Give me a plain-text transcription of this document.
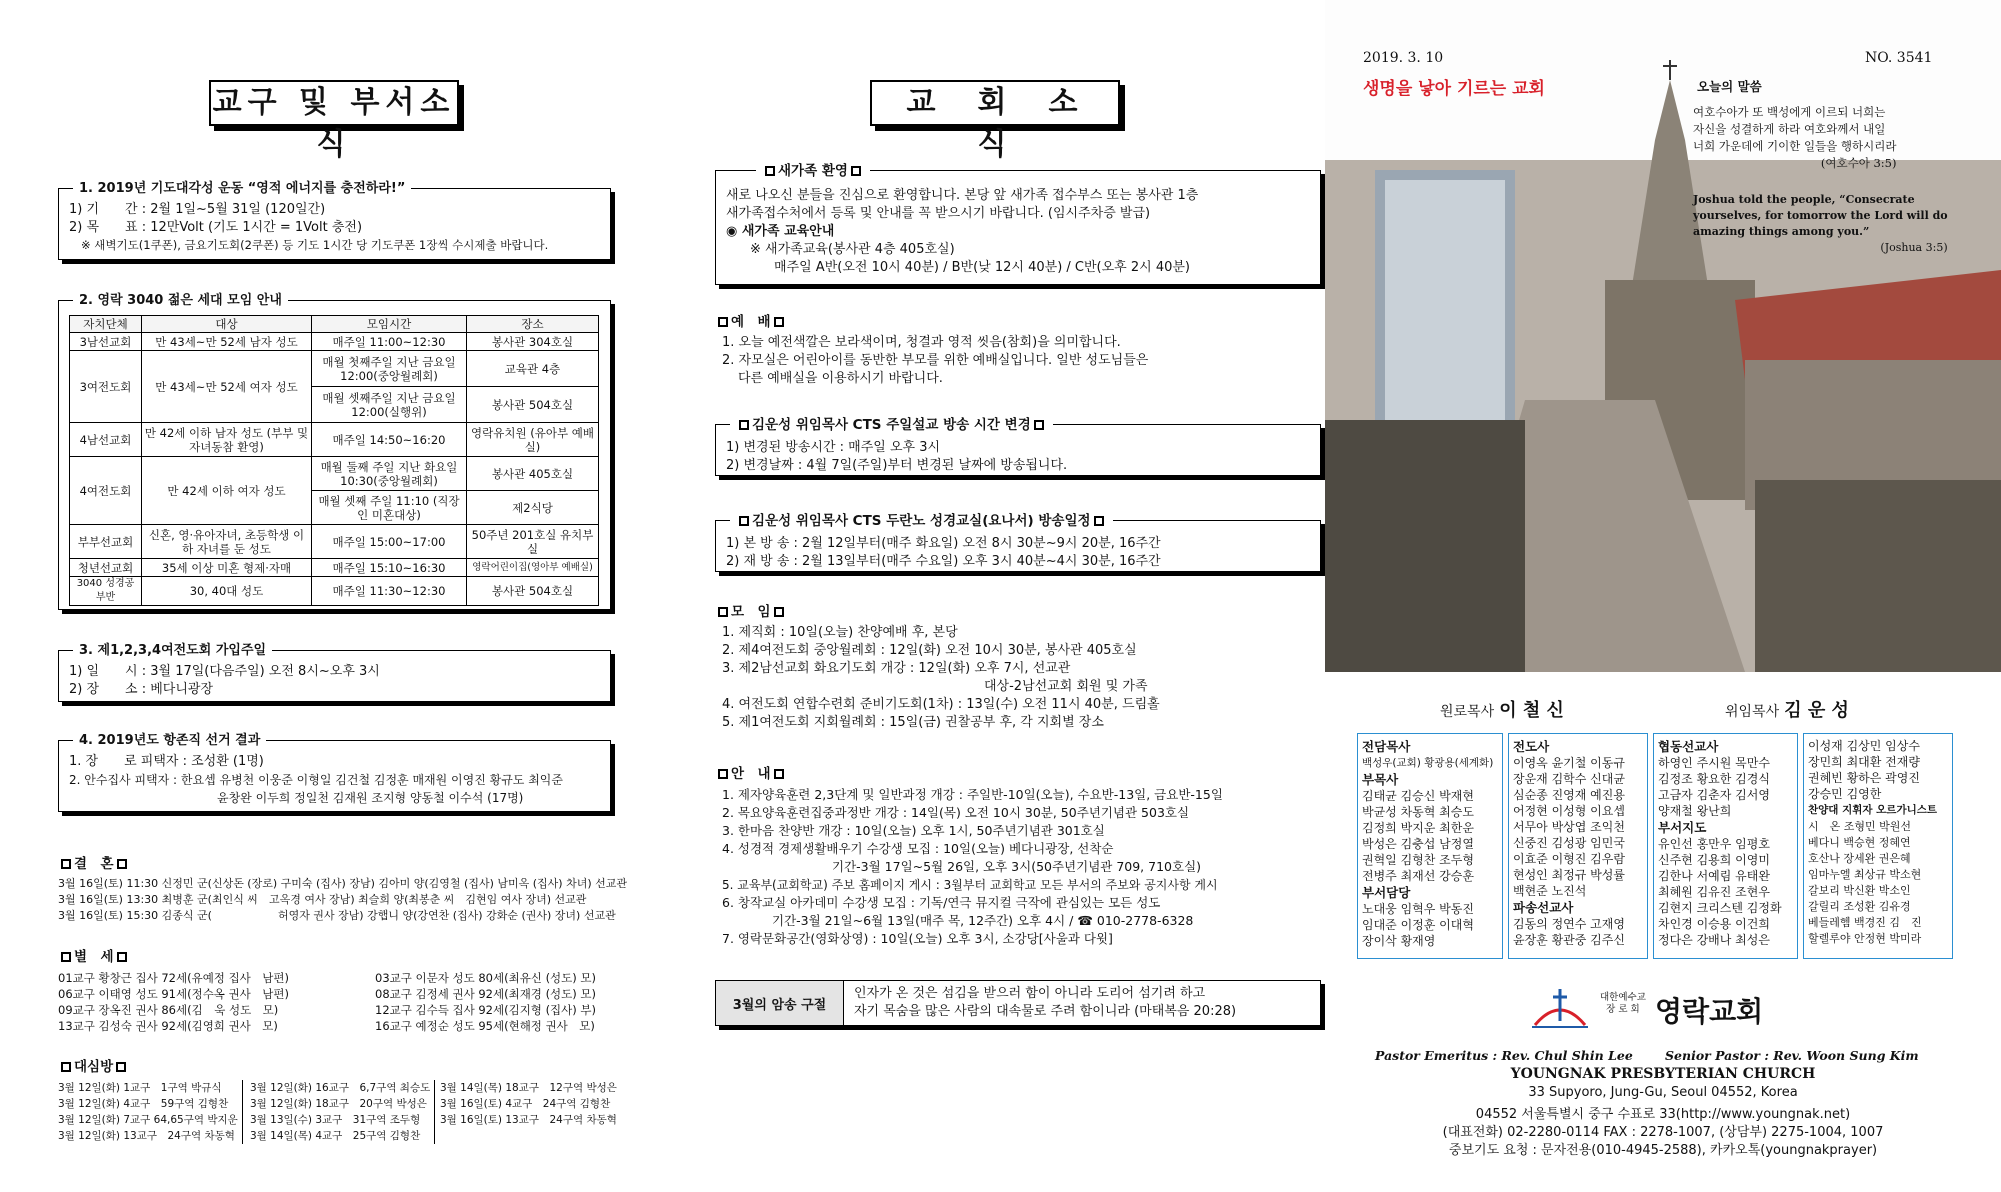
교구 및 부서소식
1. 2019년 기도대각성 운동 “영적 에너지를 충전하라!”
1) 기　　간 : 2월 1일~5월 31일 (120일간)
2) 목　　표 : 12만Volt (기도 1시간 = 1Volt 충전)
※ 새벽기도(1쿠폰), 금요기도회(2쿠폰) 등 기도 1시간 당 기도쿠폰 1장씩 수시제출 바랍니다.
2. 영락 3040 젊은 세대 모임 안내
자치단체	대상	모임시간	장소
3남선교회	만 43세~만 52세 남자 성도	매주일 11:00~12:30	봉사관 304호실
3여전도회	만 43세~만 52세 여자 성도	매월 첫째주일 지난 금요일 12:00(중앙월례회)	교육관 4층
		매월 셋째주일 지난 금요일 12:00(실행위)	봉사관 504호실
4남선교회	만 42세 이하 남자 성도 (부부 및 자녀동참 환영)	매주일 14:50~16:20	영락유치원 (유아부 예배실)
4여전도회	만 42세 이하 여자 성도	매월 둘째 주일 지난 화요일 10:30(중앙월례회)	봉사관 405호실
		매월 셋째 주일 11:10 (직장인 미혼대상)	제2식당
부부선교회	신혼, 영·유아자녀, 초등학생 이하 자녀를 둔 성도	매주일 15:00~17:00	50주년 201호실 유치부실
청년선교회	35세 이상 미혼 형제·자매	매주일 15:10~16:30	영락어린이집(영아부 예배실)
3040 성경공부반	30, 40대 성도	매주일 11:30~12:30	봉사관 504호실
3. 제1,2,3,4여전도회 가입주일
1) 일　　시 : 3월 17일(다음주일) 오전 8시~오후 3시
2) 장　　소 : 베다니광장
4. 2019년도 항존직 선거 결과
1. 장　　로 피택자 : 조성환 (1명)
2. 안수집사 피택자 : 한요셉 유병천 이웅준 이형일 김건철 김정훈 매재원 이영진 황규도 최익준
윤창완 이두희 정일천 김재원 조지형 양동철 이수석 (17명)
결　혼
3월 16일(토) 11:30 신정민 군(신상돈 (장로) 구미숙 (집사) 장남) 김아미 양(김영철 (집사) 남미옥 (집사) 차녀) 선교관
3월 16일(토) 13:30 최병훈 군(최인식 씨　고옥경 여사 장남) 최슬희 양(최봉춘 씨　김현임 여사 장녀) 선교관
3월 16일(토) 15:30 김종식 군(　　　　　　허영자 권사 장남) 강햅니 양(강연찬 (집사) 강화순 (권사) 장녀) 선교관
별　세
01교구 황창근 집사 72세(유예정 집사　남편)
06교구 이태영 성도 91세(정수옥 권사　남편)
09교구 장옥진 권사 86세(김　욱 성도　모)
13교구 김성숙 권사 92세(김영희 권사　모)
03교구 이문자 성도 80세(최유신 (성도) 모)
08교구 김정세 권사 92세(최재경 (성도) 모)
12교구 김수득 집사 92세(김지형 (집사) 부)
16교구 예정순 성도 95세(현해정 권사　모)
대심방
3월 12일(화) 1교구　1구역 박규식
3월 12일(화) 4교구　59구역 김형찬
3월 12일(화) 7교구 64,65구역 박지운
3월 12일(화) 13교구　24구역 차동혁
3월 12일(화) 16교구　6,7구역 최승도
3월 12일(화) 18교구　20구역 박성은
3월 13일(수) 3교구　31구역 조두형
3월 14일(목) 4교구　25구역 김형찬
3월 14일(목) 18교구　12구역 박성은
3월 16일(토) 4교구　24구역 김형찬
3월 16일(토) 13교구　24구역 차동혁
교　회　소　식
새가족 환영
새로 나오신 분들을 진심으로 환영합니다. 본당 앞 새가족 접수부스 또는 봉사관 1층
새가족접수처에서 등록 및 안내를 꼭 받으시기 바랍니다. (임시주차증 발급)
◉ 새가족 교육안내
※ 새가족교육(봉사관 4층 405호실)
매주일 A반(오전 10시 40분) / B반(낮 12시 40분) / C반(오후 2시 40분)
예　배
1. 오늘 예전색깔은 보라색이며, 청결과 영적 씻음(참회)을 의미합니다.
2. 자모실은 어린아이를 동반한 부모를 위한 예배실입니다. 일반 성도님들은
다른 예배실을 이용하시기 바랍니다.
김운성 위임목사 CTS 주일설교 방송 시간 변경
1) 변경된 방송시간 : 매주일 오후 3시
2) 변경날짜 : 4월 7일(주일)부터 변경된 날짜에 방송됩니다.
김운성 위임목사 CTS 두란노 성경교실(요나서) 방송일정
1) 본 방 송 : 2월 12일부터(매주 화요일) 오전 8시 30분~9시 20분, 16주간
2) 재 방 송 : 2월 13일부터(매주 수요일) 오후 3시 40분~4시 30분, 16주간
모　임
1. 제직회 : 10일(오늘) 찬양예배 후, 본당
2. 제4여전도회 중앙월례회 : 12일(화) 오전 10시 30분, 봉사관 405호실
3. 제2남선교회 화요기도회 개강 : 12일(화) 오후 7시, 선교관
대상-2남선교회 회원 및 가족
4. 여전도회 연합수련회 준비기도회(1차) : 13일(수) 오전 11시 40분, 드림홀
5. 제1여전도회 지회월례회 : 15일(금) 권찰공부 후, 각 지회별 장소
안　내
1. 제자양육훈련 2,3단계 및 일반과정 개강 : 주일반-10일(오늘), 수요반-13일, 금요반-15일
2. 목요양육훈련집중과정반 개강 : 14일(목) 오전 10시 30분, 50주년기념관 503호실
3. 한마음 찬양반 개강 : 10일(오늘) 오후 1시, 50주년기념관 301호실
4. 성경적 경제생활배우기 수강생 모집 : 10일(오늘) 베다니광장, 선착순
기간-3월 17일~5월 26일, 오후 3시(50주년기념관 709, 710호실)
5. 교육부(교회학교) 주보 홈페이지 게시 : 3월부터 교회학교 모든 부서의 주보와 공지사항 게시
6. 창작교실 아카데미 수강생 모집 : 기독/연극 뮤지컬 극작에 관심있는 모든 성도
기간-3월 21일~6월 13일(매주 목, 12주간) 오후 4시 / ☎ 010-2778-6328
7. 영락문화공간(영화상영) : 10일(오늘) 오후 3시, 소강당[사울과 다윗]
3월의 암송 구절
인자가 온 것은 섬김을 받으러 함이 아니라 도리어 섬기려 하고
자기 목숨을 많은 사람의 대속물로 주려 함이니라 (마태복음 20:28)
2019. 3. 10	NO. 3541
생명을 낳아 기르는 교회	오늘의 말씀
여호수아가 또 백성에게 이르되 너희는
자신을 성결하게 하라 여호와께서 내일
너희 가운데에 기이한 일들을 행하시리라
(여호수아 3:5)
Joshua told the people, “Consecrate
yourselves, for tomorrow the Lord will do
amazing things among you.”
(Joshua 3:5)
원로목사 이 철 신	위임목사 김 운 성
전담목사
백성우(교회) 황광용(세계화)
부목사
김태균 김승신 박재현
박균성 차동혁 최승도
김정희 박지운 최한운
박성은 김충섭 남정열
권혁일 김형찬 조두형
전병주 최재선 강승훈
부서담당
노대웅 임혁우 박동진
임대준 이정훈 이대혁
장이삭 황재영
전도사
이영옥 윤기철 이동규
장운재 김학수 신대균
심순종 진영재 예진용
어정현 이성형 이요셉
서무아 박상엽 조익천
신중진 김성광 임민국
이효준 이형진 김우람
현성인 최정규 박성률
백현준 노진석
파송선교사
김동의 정연수 고재영
윤장훈 황관중 김주신
협동선교사
하영인 주시원 목만수
김정조 황요한 김경식
고금자 김춘자 김서영
양재철 왕난희
부서지도
유인선 홍만우 임평호
신주현 김용희 이영미
김한나 서예림 유태완
최혜원 김유진 조현우
김현지 크리스텐 김정화
차인경 이승용 이건희
정다은 강배나 최성은
이성재 김상민 임상수
장민희 최대환 전재량
권혜빈 황하은 곽영진
강승민 김영한
찬양대 지휘자 오르가니스트
시　온 조형민 박원선
베다니 백승현 정혜연
호산나 장세완 권은혜
임마누엘 최상규 박소현
갈보리 박신환 박소인
갈릴리 조성환 김유경
베들레헴 백경진 김　진
할렐루야 안정현 박미라
대한예수교
장 로 회 영락교회
Pastor Emeritus : Rev. Chul Shin Lee	Senior Pastor : Rev. Woon Sung Kim
YOUNGNAK PRESBYTERIAN CHURCH
33 Supyoro, Jung-Gu, Seoul 04552, Korea
04552 서울특별시 중구 수표로 33(http://www.youngnak.net)
(대표전화) 02-2280-0114 FAX : 2278-1007, (상담부) 2275-1004, 1007
중보기도 요청 : 문자전용(010-4945-2588), 카카오톡(youngnakprayer)
